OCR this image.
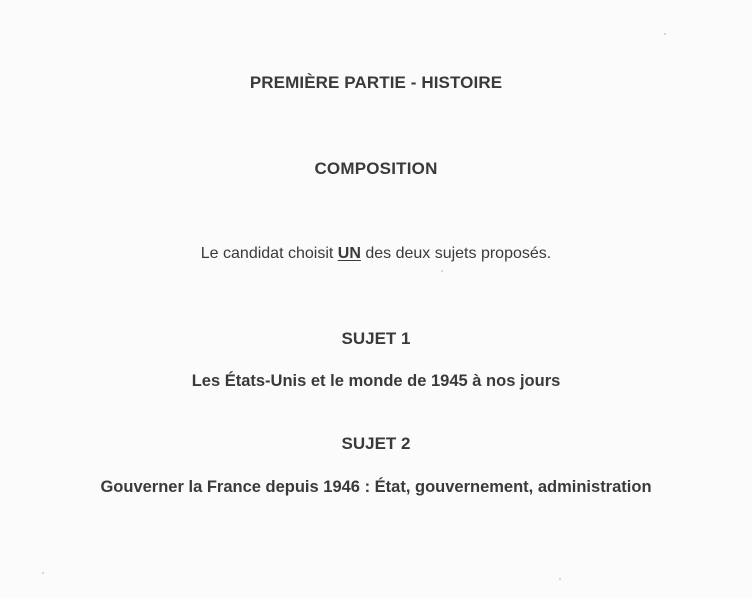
PREMIÈRE PARTIE - HISTOIRE
COMPOSITION
Le candidat choisit UN des deux sujets proposés.
SUJET 1
Les États-Unis et le monde de 1945 à nos jours
SUJET 2
Gouverner la France depuis 1946 : État, gouvernement, administration
